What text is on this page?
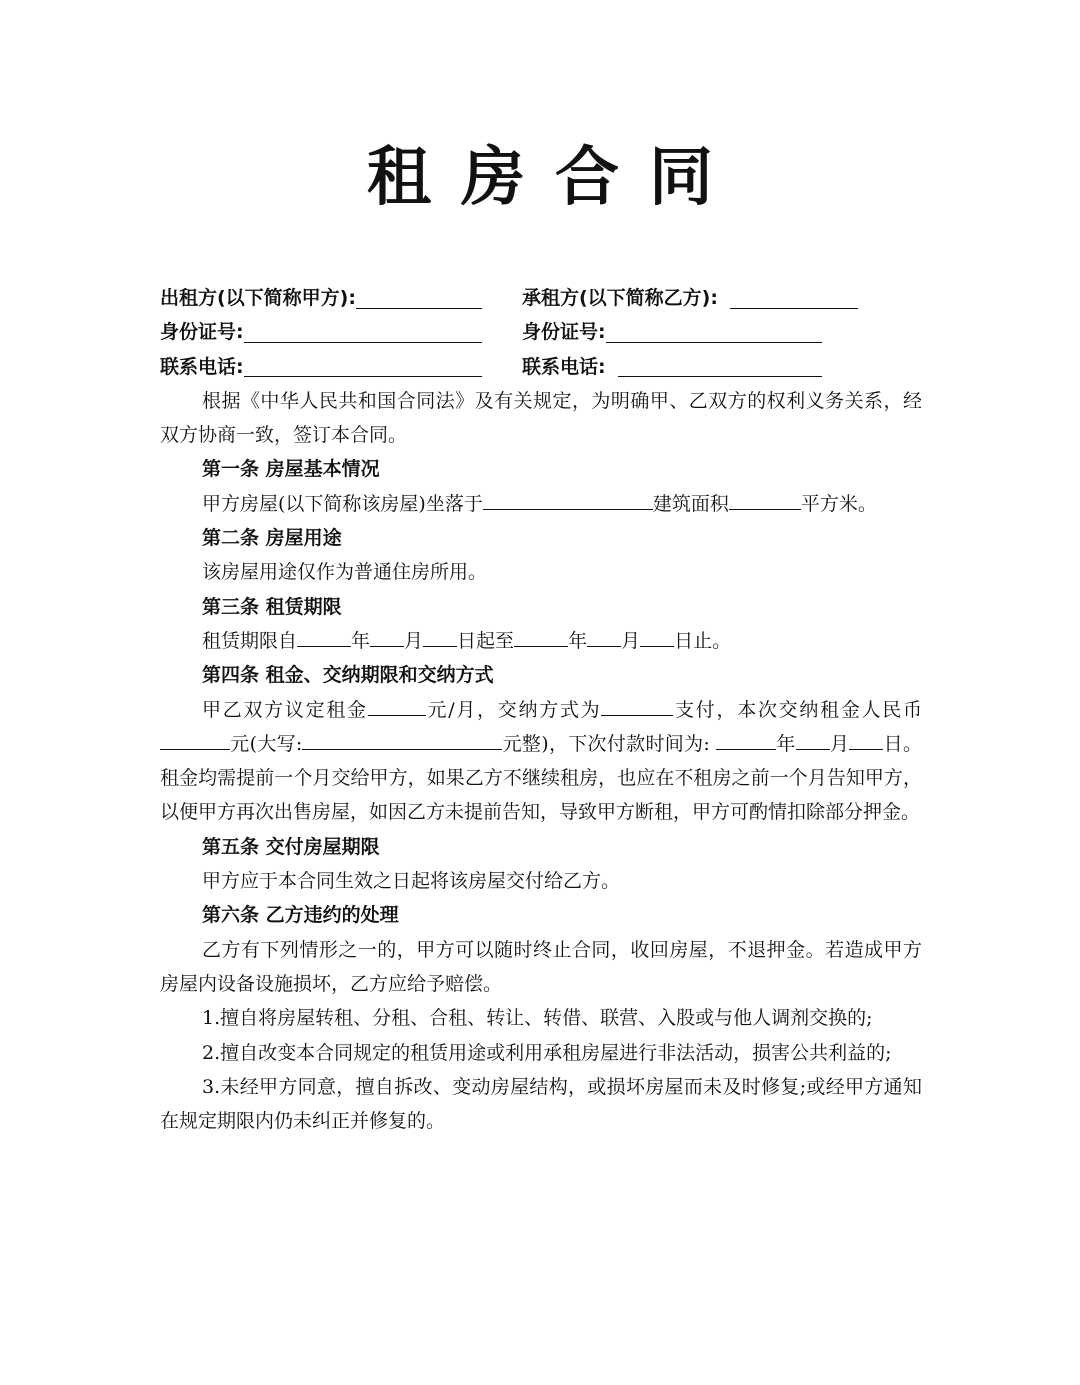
租房合同
出租方(以下简称甲方):	承租方(以下简称乙方):
身份证号:	身份证号:
联系电话:	联系电话:

根据《中华人民共和国合同法》及有关规定，为明确甲、乙双方的权利义务关系，经双方协商一致，签订本合同。

第一条 房屋基本情况

甲方房屋(以下简称该房屋)坐落于	建筑面积	平方米。

第二条 房屋用途

该房屋用途仅作为普通住房所用。

第三条 租赁期限

租赁期限自	年 月 日起至	年 月 日止。

第四条 租金、交纳期限和交纳方式

甲乙双方议定租金	元/月，交纳方式为	支付，本次交纳租金人民币元(大写:	元整)，下次付款时间为:	年 月 日。租金均需提前一个月交给甲方，如果乙方不继续租房，也应在不租房之前一个月告知甲方，以便甲方再次出售房屋，如因乙方未提前告知，导致甲方断租，甲方可酌情扣除部分押金。

第五条 交付房屋期限

甲方应于本合同生效之日起将该房屋交付给乙方。

第六条 乙方违约的处理

乙方有下列情形之一的，甲方可以随时终止合同，收回房屋，不退押金。若造成甲方房屋内设备设施损坏，乙方应给予赔偿。

1.擅自将房屋转租、分租、合租、转让、转借、联营、入股或与他人调剂交换的;

2.擅自改变本合同规定的租赁用途或利用承租房屋进行非法活动，损害公共利益的;

3.未经甲方同意，擅自拆改、变动房屋结构，或损坏房屋而未及时修复;或经甲方通知在规定期限内仍未纠正并修复的。
